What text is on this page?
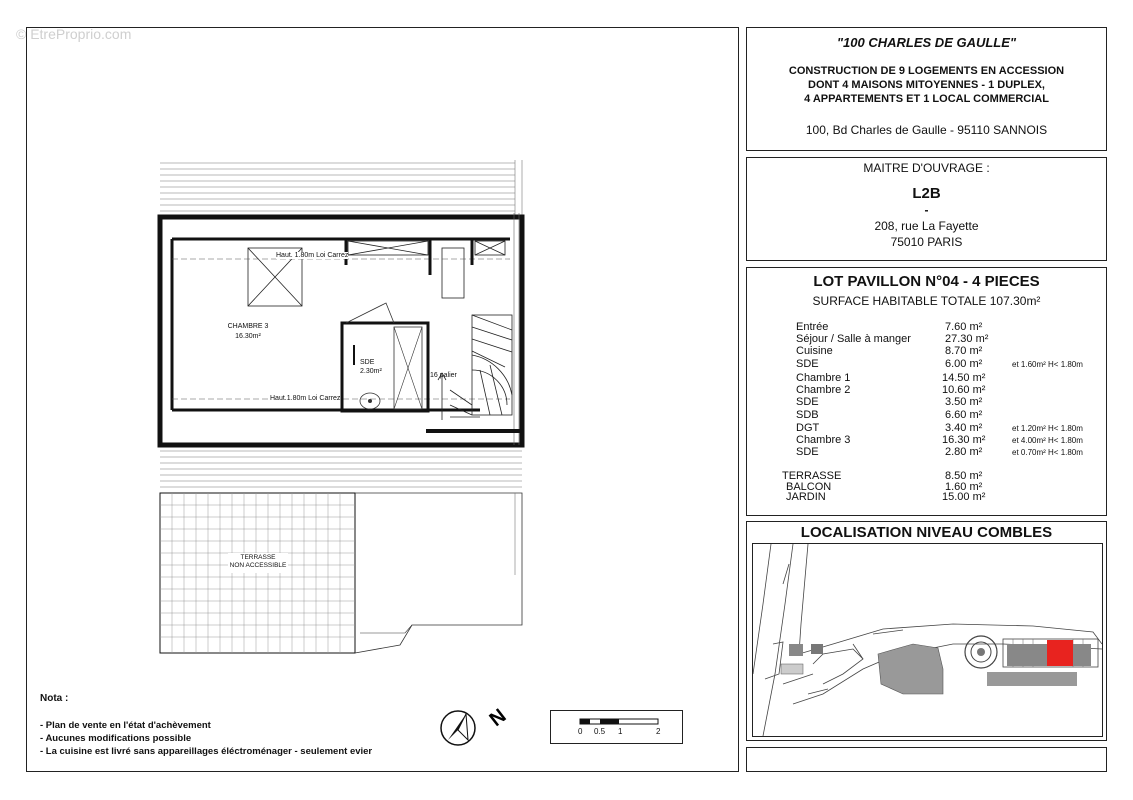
© EtreProprio.com
CHAMBRE 3
16.30m²
SDE
2.30m²
Haut. 1.80m Loi Carrez
Haut.1.80m Loi Carrez
16 palier
TERRASSE
NON ACCESSIBLE
Nota :
- Plan de vente en l'état d'achèvement
- Aucunes modifications possible
- La cuisine est livré sans appareillages éléctroménager - seulement evier
N
0 0.5 1	2
"100 CHARLES DE GAULLE"
CONSTRUCTION DE 9 LOGEMENTS EN ACCESSION
DONT 4 MAISONS MITOYENNES - 1 DUPLEX,
4 APPARTEMENTS ET 1 LOCAL COMMERCIAL
100, Bd Charles de Gaulle - 95110 SANNOIS
MAITRE D'OUVRAGE :
L2B
-
208, rue La Fayette
75010 PARIS
LOT PAVILLON N°04 - 4 PIECES
SURFACE HABITABLE TOTALE 107.30m²
Entrée	7.60 m²
Séjour / Salle à manger	27.30 m²
Cuisine	8.70 m²
SDE	6.00 m²	et 1.60m² H< 1.80m
Chambre 1	14.50 m²
Chambre 2	10.60 m²
SDE	3.50 m²
SDB	6.60 m²
DGT	3.40 m²	et 1.20m² H< 1.80m
Chambre 3	16.30 m²	et 4.00m² H< 1.80m
SDE	2.80 m²	et 0.70m² H< 1.80m
TERRASSE	8.50 m²
BALCON	1.60 m²
JARDIN	15.00 m²
LOCALISATION NIVEAU COMBLES
